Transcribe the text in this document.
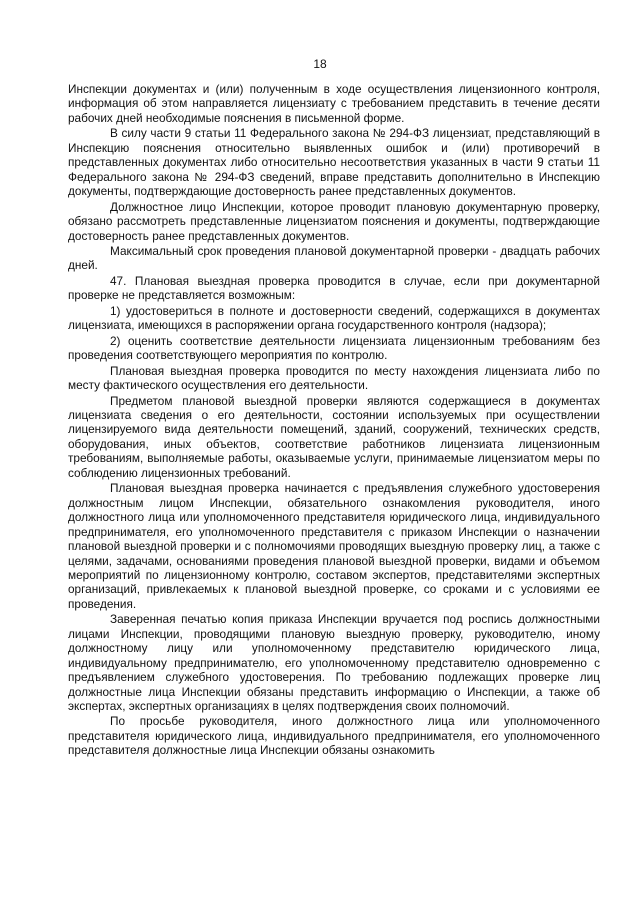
18

Инспекции документах и (или) полученным в ходе осуществления лицензионного контроля, информация об этом направляется лицензиату с требованием представить в течение десяти рабочих дней необходимые пояснения в письменной форме.

В силу части 9 статьи 11 Федерального закона № 294-ФЗ лицензиат, представляющий в Инспекцию пояснения относительно выявленных ошибок и (или) противоречий в представленных документах либо относительно несоответствия указанных в части 9 статьи 11 Федерального закона № 294-ФЗ сведений, вправе представить дополнительно в Инспекцию документы, подтверждающие достоверность ранее представленных документов.

Должностное лицо Инспекции, которое проводит плановую документарную проверку, обязано рассмотреть представленные лицензиатом пояснения и документы, подтверждающие достоверность ранее представленных документов.

Максимальный срок проведения плановой документарной проверки - двадцать рабочих дней.

47. Плановая выездная проверка проводится в случае, если при документарной проверке не представляется возможным:

1) удостовериться в полноте и достоверности сведений, содержащихся в документах лицензиата, имеющихся в распоряжении органа государственного контроля (надзора);

2) оценить соответствие деятельности лицензиата лицензионным требованиям без проведения соответствующего мероприятия по контролю.

Плановая выездная проверка проводится по месту нахождения лицензиата либо по месту фактического осуществления его деятельности.

Предметом плановой выездной проверки являются содержащиеся в документах лицензиата сведения о его деятельности, состоянии используемых при осуществлении лицензируемого вида деятельности помещений, зданий, сооружений, технических средств, оборудования, иных объектов, соответствие работников лицензиата лицензионным требованиям, выполняемые работы, оказываемые услуги, принимаемые лицензиатом меры по соблюдению лицензионных требований.

Плановая выездная проверка начинается с предъявления служебного удостоверения должностным лицом Инспекции, обязательного ознакомления руководителя, иного должностного лица или уполномоченного представителя юридического лица, индивидуального предпринимателя, его уполномоченного представителя с приказом Инспекции о назначении плановой выездной проверки и с полномочиями проводящих выездную проверку лиц, а также с целями, задачами, основаниями проведения плановой выездной проверки, видами и объемом мероприятий по лицензионному контролю, составом экспертов, представителями экспертных организаций, привлекаемых к плановой выездной проверке, со сроками и с условиями ее проведения.

Заверенная печатью копия приказа Инспекции вручается под роспись должностными лицами Инспекции, проводящими плановую выездную проверку, руководителю, иному должностному лицу или уполномоченному представителю юридического лица, индивидуальному предпринимателю, его уполномоченному представителю одновременно с предъявлением служебного удостоверения. По требованию подлежащих проверке лиц должностные лица Инспекции обязаны представить информацию о Инспекции, а также об экспертах, экспертных организациях в целях подтверждения своих полномочий.

По просьбе руководителя, иного должностного лица или уполномоченного представителя юридического лица, индивидуального предпринимателя, его уполномоченного представителя должностные лица Инспекции обязаны ознакомить
